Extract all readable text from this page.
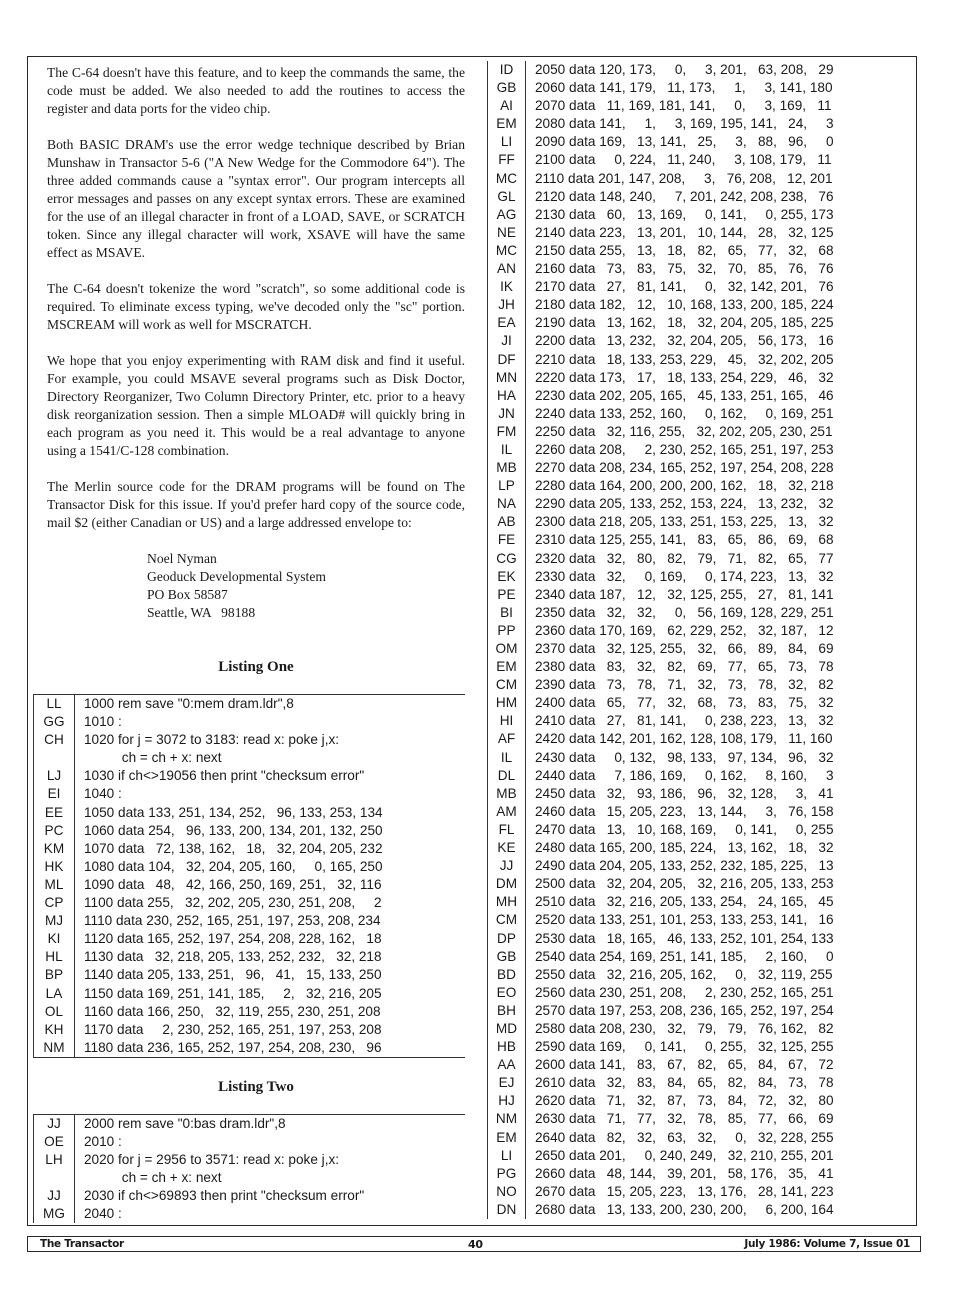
The C-64 doesn't have this feature, and to keep the commands the same, the code must be added. We also needed to add the routines to access the register and data ports for the video chip.

Both BASIC DRAM's use the error wedge technique described by Brian Munshaw in Transactor 5-6 ("A New Wedge for the Commodore 64"). The three added commands cause a "syntax error". Our program intercepts all error messages and passes on any except syntax errors. These are examined for the use of an illegal character in front of a LOAD, SAVE, or SCRATCH token. Since any illegal character will work, XSAVE will have the same effect as MSAVE.

The C-64 doesn't tokenize the word "scratch", so some additional code is required. To eliminate excess typing, we've decoded only the "sc" portion. MSCREAM will work as well for MSCRATCH.

We hope that you enjoy experimenting with RAM disk and find it useful. For example, you could MSAVE several programs such as Disk Doctor, Directory Reorganizer, Two Column Directory Printer, etc. prior to a heavy disk reorganization session. Then a simple MLOAD# will quickly bring in each program as you need it. This would be a real advantage to anyone using a 1541/C-128 combination.

The Merlin source code for the DRAM programs will be found on The Transactor Disk for this issue. If you'd prefer hard copy of the source code, mail $2 (either Canadian or US) and a large addressed envelope to:

Noel Nyman
Geoduck Developmental System
PO Box 58587
Seattle, WA   98188
Listing One
LL	1000 rem save "0:mem dram.ldr",8
GG	1010 :
CH	1020 for j = 3072 to 3183: read x: poke j,x:
ch = ch + x: next
LJ	1030 if ch<>19056 then print "checksum error"
EI	1040 :
EE	1050 data 133, 251, 134, 252,   96, 133, 253, 134
PC	1060 data 254,   96, 133, 200, 134, 201, 132, 250
KM	1070 data   72, 138, 162,   18,   32, 204, 205, 232
HK	1080 data 104,   32, 204, 205, 160,     0, 165, 250
ML	1090 data   48,   42, 166, 250, 169, 251,   32, 116
CP	1100 data 255,   32, 202, 205, 230, 251, 208,     2
MJ	1110 data 230, 252, 165, 251, 197, 253, 208, 234
KI	1120 data 165, 252, 197, 254, 208, 228, 162,   18
HL	1130 data   32, 218, 205, 133, 252, 232,   32, 218
BP	1140 data 205, 133, 251,   96,   41,   15, 133, 250
LA	1150 data 169, 251, 141, 185,     2,   32, 216, 205
OL	1160 data 166, 250,   32, 119, 255, 230, 251, 208
KH	1170 data     2, 230, 252, 165, 251, 197, 253, 208
NM	1180 data 236, 165, 252, 197, 254, 208, 230,   96
Listing Two
JJ	2000 rem save "0:bas dram.ldr",8
OE	2010 :
LH	2020 for j = 2956 to 3571: read x: poke j,x:
ch = ch + x: next
JJ	2030 if ch<>69893 then print "checksum error"
MG	2040 :
ID	2050 data 120, 173,     0,     3, 201,   63, 208,   29
GB	2060 data 141, 179,   11, 173,     1,     3, 141, 180
AI	2070 data   11, 169, 181, 141,     0,     3, 169,   11
EM	2080 data 141,     1,     3, 169, 195, 141,   24,     3
LI	2090 data 169,   13, 141,   25,     3,   88,   96,     0
FF	2100 data     0, 224,   11, 240,     3, 108, 179,   11
MC	2110 data 201, 147, 208,     3,   76, 208,   12, 201
GL	2120 data 148, 240,     7, 201, 242, 208, 238,   76
AG	2130 data   60,   13, 169,     0, 141,     0, 255, 173
NE	2140 data 223,   13, 201,   10, 144,   28,   32, 125
MC	2150 data 255,   13,   18,   82,   65,   77,   32,   68
AN	2160 data   73,   83,   75,   32,   70,   85,   76,   76
IK	2170 data   27,   81, 141,     0,   32, 142, 201,   76
JH	2180 data 182,   12,   10, 168, 133, 200, 185, 224
EA	2190 data   13, 162,   18,   32, 204, 205, 185, 225
JI	2200 data   13, 232,   32, 204, 205,   56, 173,   16
DF	2210 data   18, 133, 253, 229,   45,   32, 202, 205
MN	2220 data 173,   17,   18, 133, 254, 229,   46,   32
HA	2230 data 202, 205, 165,   45, 133, 251, 165,   46
JN	2240 data 133, 252, 160,     0, 162,     0, 169, 251
FM	2250 data   32, 116, 255,   32, 202, 205, 230, 251
IL	2260 data 208,     2, 230, 252, 165, 251, 197, 253
MB	2270 data 208, 234, 165, 252, 197, 254, 208, 228
LP	2280 data 164, 200, 200, 200, 162,   18,   32, 218
NA	2290 data 205, 133, 252, 153, 224,   13, 232,   32
AB	2300 data 218, 205, 133, 251, 153, 225,   13,   32
FE	2310 data 125, 255, 141,   83,   65,   86,   69,   68
CG	2320 data   32,   80,   82,   79,   71,   82,   65,   77
EK	2330 data   32,     0, 169,     0, 174, 223,   13,   32
PE	2340 data 187,   12,   32, 125, 255,   27,   81, 141
BI	2350 data   32,   32,     0,   56, 169, 128, 229, 251
PP	2360 data 170, 169,   62, 229, 252,   32, 187,   12
OM	2370 data   32, 125, 255,   32,   66,   89,   84,   69
EM	2380 data   83,   32,   82,   69,   77,   65,   73,   78
CM	2390 data   73,   78,   71,   32,   73,   78,   32,   82
HM	2400 data   65,   77,   32,   68,   73,   83,   75,   32
HI	2410 data   27,   81, 141,     0, 238, 223,   13,   32
AF	2420 data 142, 201, 162, 128, 108, 179,   11, 160
IL	2430 data     0, 132,   98, 133,   97, 134,   96,   32
DL	2440 data     7, 186, 169,     0, 162,     8, 160,     3
MB	2450 data   32,   93, 186,   96,   32, 128,     3,   41
AM	2460 data   15, 205, 223,   13, 144,     3,   76, 158
FL	2470 data   13,   10, 168, 169,     0, 141,     0, 255
KE	2480 data 165, 200, 185, 224,   13, 162,   18,   32
JJ	2490 data 204, 205, 133, 252, 232, 185, 225,   13
DM	2500 data   32, 204, 205,   32, 216, 205, 133, 253
MH	2510 data   32, 216, 205, 133, 254,   24, 165,   45
CM	2520 data 133, 251, 101, 253, 133, 253, 141,   16
DP	2530 data   18, 165,   46, 133, 252, 101, 254, 133
GB	2540 data 254, 169, 251, 141, 185,     2, 160,     0
BD	2550 data   32, 216, 205, 162,     0,   32, 119, 255
EO	2560 data 230, 251, 208,     2, 230, 252, 165, 251
BH	2570 data 197, 253, 208, 236, 165, 252, 197, 254
MD	2580 data 208, 230,   32,   79,   79,   76, 162,   82
HB	2590 data 169,     0, 141,     0, 255,   32, 125, 255
AA	2600 data 141,   83,   67,   82,   65,   84,   67,   72
EJ	2610 data   32,   83,   84,   65,   82,   84,   73,   78
HJ	2620 data   71,   32,   87,   73,   84,   72,   32,   80
NM	2630 data   71,   77,   32,   78,   85,   77,   66,   69
EM	2640 data   82,   32,   63,   32,     0,   32, 228, 255
LI	2650 data 201,     0, 240, 249,   32, 210, 255, 201
PG	2660 data   48, 144,   39, 201,   58, 176,   35,   41
NO	2670 data   15, 205, 223,   13, 176,   28, 141, 223
DN	2680 data   13, 133, 200, 230, 200,     6, 200, 164
The Transactor	40	July 1986: Volume 7, Issue 01
